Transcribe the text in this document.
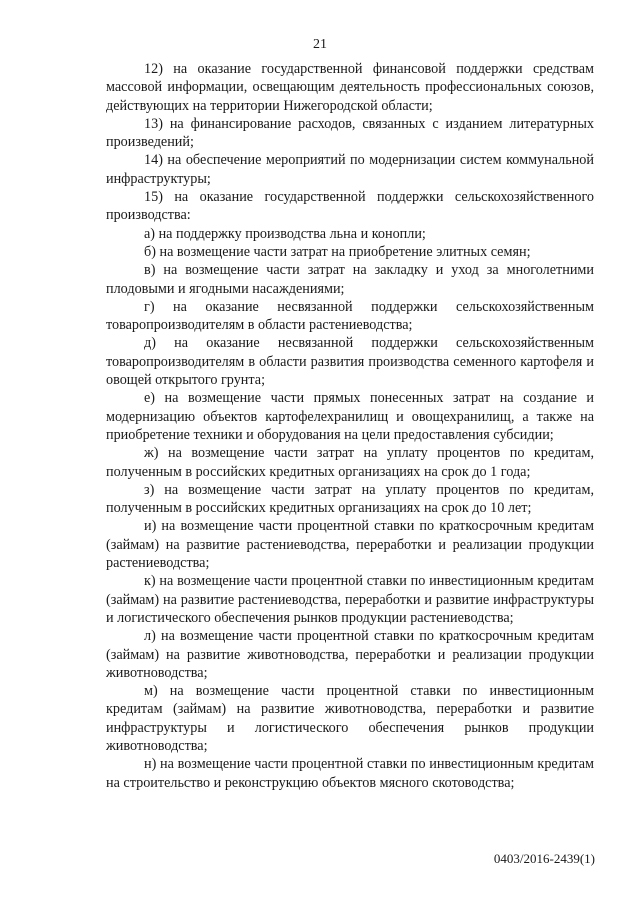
21

12) на оказание государственной финансовой поддержки средствам массовой информации, освещающим деятельность профессиональных союзов, действующих на территории Нижегородской области;

13) на финансирование расходов, связанных с изданием литературных произведений;

14) на обеспечение мероприятий по модернизации систем коммунальной инфраструктуры;

15) на оказание государственной поддержки сельскохозяйственного производства:

а) на поддержку производства льна и конопли;

б) на возмещение части затрат на приобретение элитных семян;

в) на возмещение части затрат на закладку и уход за многолетними плодовыми и ягодными насаждениями;

г) на оказание несвязанной поддержки сельскохозяйственным товаропроизводителям в области растениеводства;

д) на оказание несвязанной поддержки сельскохозяйственным товаропроизводителям в области развития производства семенного картофеля и овощей открытого грунта;

е) на возмещение части прямых понесенных затрат на создание и модернизацию объектов картофелехранилищ и овощехранилищ, а также на приобретение техники и оборудования на цели предоставления субсидии;

ж) на возмещение части затрат на уплату процентов по кредитам, полученным в российских кредитных организациях на срок до 1 года;

з) на возмещение части затрат на уплату процентов по кредитам, полученным в российских кредитных организациях на срок до 10 лет;

и) на возмещение части процентной ставки по краткосрочным кредитам (займам) на развитие растениеводства, переработки и реализации продукции растениеводства;

к) на возмещение части процентной ставки по инвестиционным кредитам (займам) на развитие растениеводства, переработки и развитие инфраструктуры и логистического обеспечения рынков продукции растениеводства;

л) на возмещение части процентной ставки по краткосрочным кредитам (займам) на развитие животноводства, переработки и реализации продукции животноводства;

м) на возмещение части процентной ставки по инвестиционным кредитам (займам) на развитие животноводства, переработки и развитие инфраструктуры и логистического обеспечения рынков продукции животноводства;

н) на возмещение части процентной ставки по инвестиционным кредитам на строительство и реконструкцию объектов мясного скотоводства;

0403/2016-2439(1)
